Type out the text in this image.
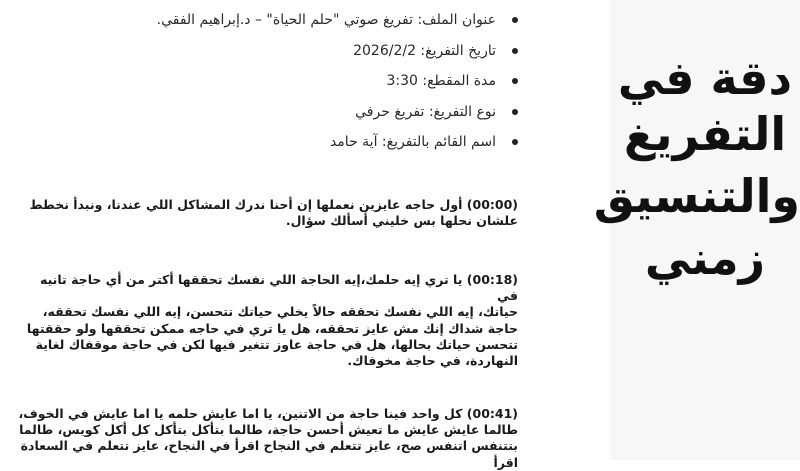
عنوان الملف: تفريغ صوتي "حلم الحياة" – د.إبراهيم الفقي.
تاريخ التفريغ: 2026/2/2
مدة المقطع: 3:30
نوع التفريغ: تفريغ حرفي
اسم القائم بالتفريغ: آية حامد
(00:00) أول حاجه عايزين نعملها إن أحنا ندرك المشاكل اللي عندنا، ونبدأ نخطط
علشان نحلها بس خليني أسألك سؤال.
(00:18) يا تري إيه حلمك،إيه الحاجة اللي نفسك تحققها أكتر من أي حاجة تانيه في
حياتك، إيه اللي نفسك تحققه حالاً يخلي حياتك تتحسن، إيه اللي نفسك تحققه،
حاجة شداك إنك مش عايز تحققه، هل يا تري في حاجه ممكن تحققها ولو حققتها
تتحسن حياتك بحالها، هل في حاجة عاوز تتغير فيها لكن في حاجة موقفاك لغاية
النهاردة، في حاجة مخوفاك.
(00:41) كل واحد فينا حاجة من الاتنين، يا اما عايش حلمه يا اما عايش في الخوف،
طالما عايش عايش ما تعيش أحسن حاجة، طالما بتأكل بتأكل كل أكل كويس، طالما
بتتنفس اتنفس صح، عايز تتعلم في النجاح اقرأ في النجاح، عايز تتعلم في السعادة اقرأ
دقة في
التفريغ
والتنسيق
زمني
